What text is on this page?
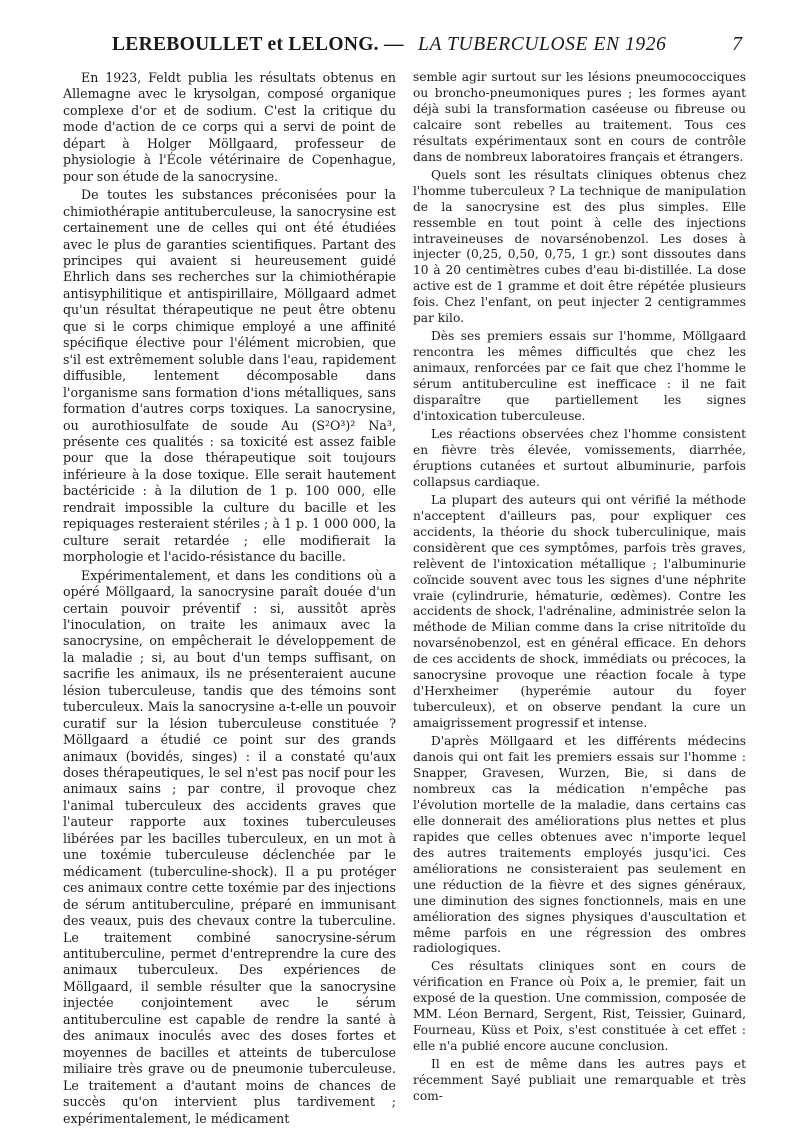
LEREBOULLET et LELONG. — LA TUBERCULOSE EN 1926	7

En 1923, Feldt publia les résultats obtenus en Allemagne avec le krysolgan, composé organique complexe d'or et de sodium. C'est la critique du mode d'action de ce corps qui a servi de point de départ à Holger Möllgaard, professeur de physiologie à l'École vétérinaire de Copenhague, pour son étude de la sanocrysine.

De toutes les substances préconisées pour la chimiothérapie antituberculeuse, la sanocrysine est certainement une de celles qui ont été étudiées avec le plus de garanties scientifiques. Partant des principes qui avaient si heureusement guidé Ehrlich dans ses recherches sur la chimiothérapie antisyphilitique et antispirillaire, Möllgaard admet qu'un résultat thérapeutique ne peut être obtenu que si le corps chimique employé a une affinité spécifique élective pour l'élément microbien, que s'il est extrêmement soluble dans l'eau, rapidement diffusible, lentement décomposable dans l'organisme sans formation d'ions métalliques, sans formation d'autres corps toxiques. La sanocrysine, ou aurothiosulfate de soude Au (S²O³)² Na³, présente ces qualités : sa toxicité est assez faible pour que la dose thérapeutique soit toujours inférieure à la dose toxique. Elle serait hautement bactéricide : à la dilution de 1 p. 100 000, elle rendrait impossible la culture du bacille et les repiquages resteraient stériles ; à 1 p. 1 000 000, la culture serait retardée ; elle modifierait la morphologie et l'acido-résistance du bacille.

Expérimentalement, et dans les conditions où a opéré Möllgaard, la sanocrysine paraît douée d'un certain pouvoir préventif : si, aussitôt après l'inoculation, on traite les animaux avec la sanocrysine, on empêcherait le développement de la maladie ; si, au bout d'un temps suffisant, on sacrifie les animaux, ils ne présenteraient aucune lésion tuberculeuse, tandis que des témoins sont tuberculeux. Mais la sanocrysine a-t-elle un pouvoir curatif sur la lésion tuberculeuse constituée ? Möllgaard a étudié ce point sur des grands animaux (bovidés, singes) : il a constaté qu'aux doses thérapeutiques, le sel n'est pas nocif pour les animaux sains ; par contre, il provoque chez l'animal tuberculeux des accidents graves que l'auteur rapporte aux toxines tuberculeuses libérées par les bacilles tuberculeux, en un mot à une toxémie tuberculeuse déclenchée par le médicament (tuberculine-shock). Il a pu protéger ces animaux contre cette toxémie par des injections de sérum antituberculine, préparé en immunisant des veaux, puis des chevaux contre la tuberculine. Le traitement combiné sanocrysine-sérum antituberculine, permet d'entreprendre la cure des animaux tuberculeux. Des expériences de Möllgaard, il semble résulter que la sanocrysine injectée conjointement avec le sérum antituberculine est capable de rendre la santé à des animaux inoculés avec des doses fortes et moyennes de bacilles et atteints de tuberculose miliaire très grave ou de pneumonie tuberculeuse. Le traitement a d'autant moins de chances de succès qu'on intervient plus tardivement ; expérimentalement, le médicament

semble agir surtout sur les lésions pneumococciques ou broncho-pneumoniques pures ; les formes ayant déjà subi la transformation caséeuse ou fibreuse ou calcaire sont rebelles au traitement. Tous ces résultats expérimentaux sont en cours de contrôle dans de nombreux laboratoires français et étrangers.

Quels sont les résultats cliniques obtenus chez l'homme tuberculeux ? La technique de manipulation de la sanocrysine est des plus simples. Elle ressemble en tout point à celle des injections intraveineuses de novarsénobenzol. Les doses à injecter (0,25, 0,50, 0,75, 1 gr.) sont dissoutes dans 10 à 20 centimètres cubes d'eau bi-distillée. La dose active est de 1 gramme et doit être répétée plusieurs fois. Chez l'enfant, on peut injecter 2 centigrammes par kilo.

Dès ses premiers essais sur l'homme, Möllgaard rencontra les mêmes difficultés que chez les animaux, renforcées par ce fait que chez l'homme le sérum antituberculine est inefficace : il ne fait disparaître que partiellement les signes d'intoxication tuberculeuse.

Les réactions observées chez l'homme consistent en fièvre très élevée, vomissements, diarrhée, éruptions cutanées et surtout albuminurie, parfois collapsus cardiaque.

La plupart des auteurs qui ont vérifié la méthode n'acceptent d'ailleurs pas, pour expliquer ces accidents, la théorie du shock tuberculinique, mais considèrent que ces symptômes, parfois très graves, relèvent de l'intoxication métallique ; l'albuminurie coïncide souvent avec tous les signes d'une néphrite vraie (cylindrurie, hématurie, œdèmes). Contre les accidents de shock, l'adrénaline, administrée selon la méthode de Milian comme dans la crise nitritoïde du novarsénobenzol, est en général efficace. En dehors de ces accidents de shock, immédiats ou précoces, la sanocrysine provoque une réaction focale à type d'Herxheimer (hyperémie autour du foyer tuberculeux), et on observe pendant la cure un amaigrissement progressif et intense.

D'après Möllgaard et les différents médecins danois qui ont fait les premiers essais sur l'homme : Snapper, Gravesen, Wurzen, Bie, si dans de nombreux cas la médication n'empêche pas l'évolution mortelle de la maladie, dans certains cas elle donnerait des améliorations plus nettes et plus rapides que celles obtenues avec n'importe lequel des autres traitements employés jusqu'ici. Ces améliorations ne consisteraient pas seulement en une réduction de la fièvre et des signes généraux, une diminution des signes fonctionnels, mais en une amélioration des signes physiques d'auscultation et même parfois en une régression des ombres radiologiques.

Ces résultats cliniques sont en cours de vérification en France où Poix a, le premier, fait un exposé de la question. Une commission, composée de MM. Léon Bernard, Sergent, Rist, Teissier, Guinard, Fourneau, Küss et Poix, s'est constituée à cet effet : elle n'a publié encore aucune conclusion.

Il en est de même dans les autres pays et récemment Sayé publiait une remarquable et très com-
